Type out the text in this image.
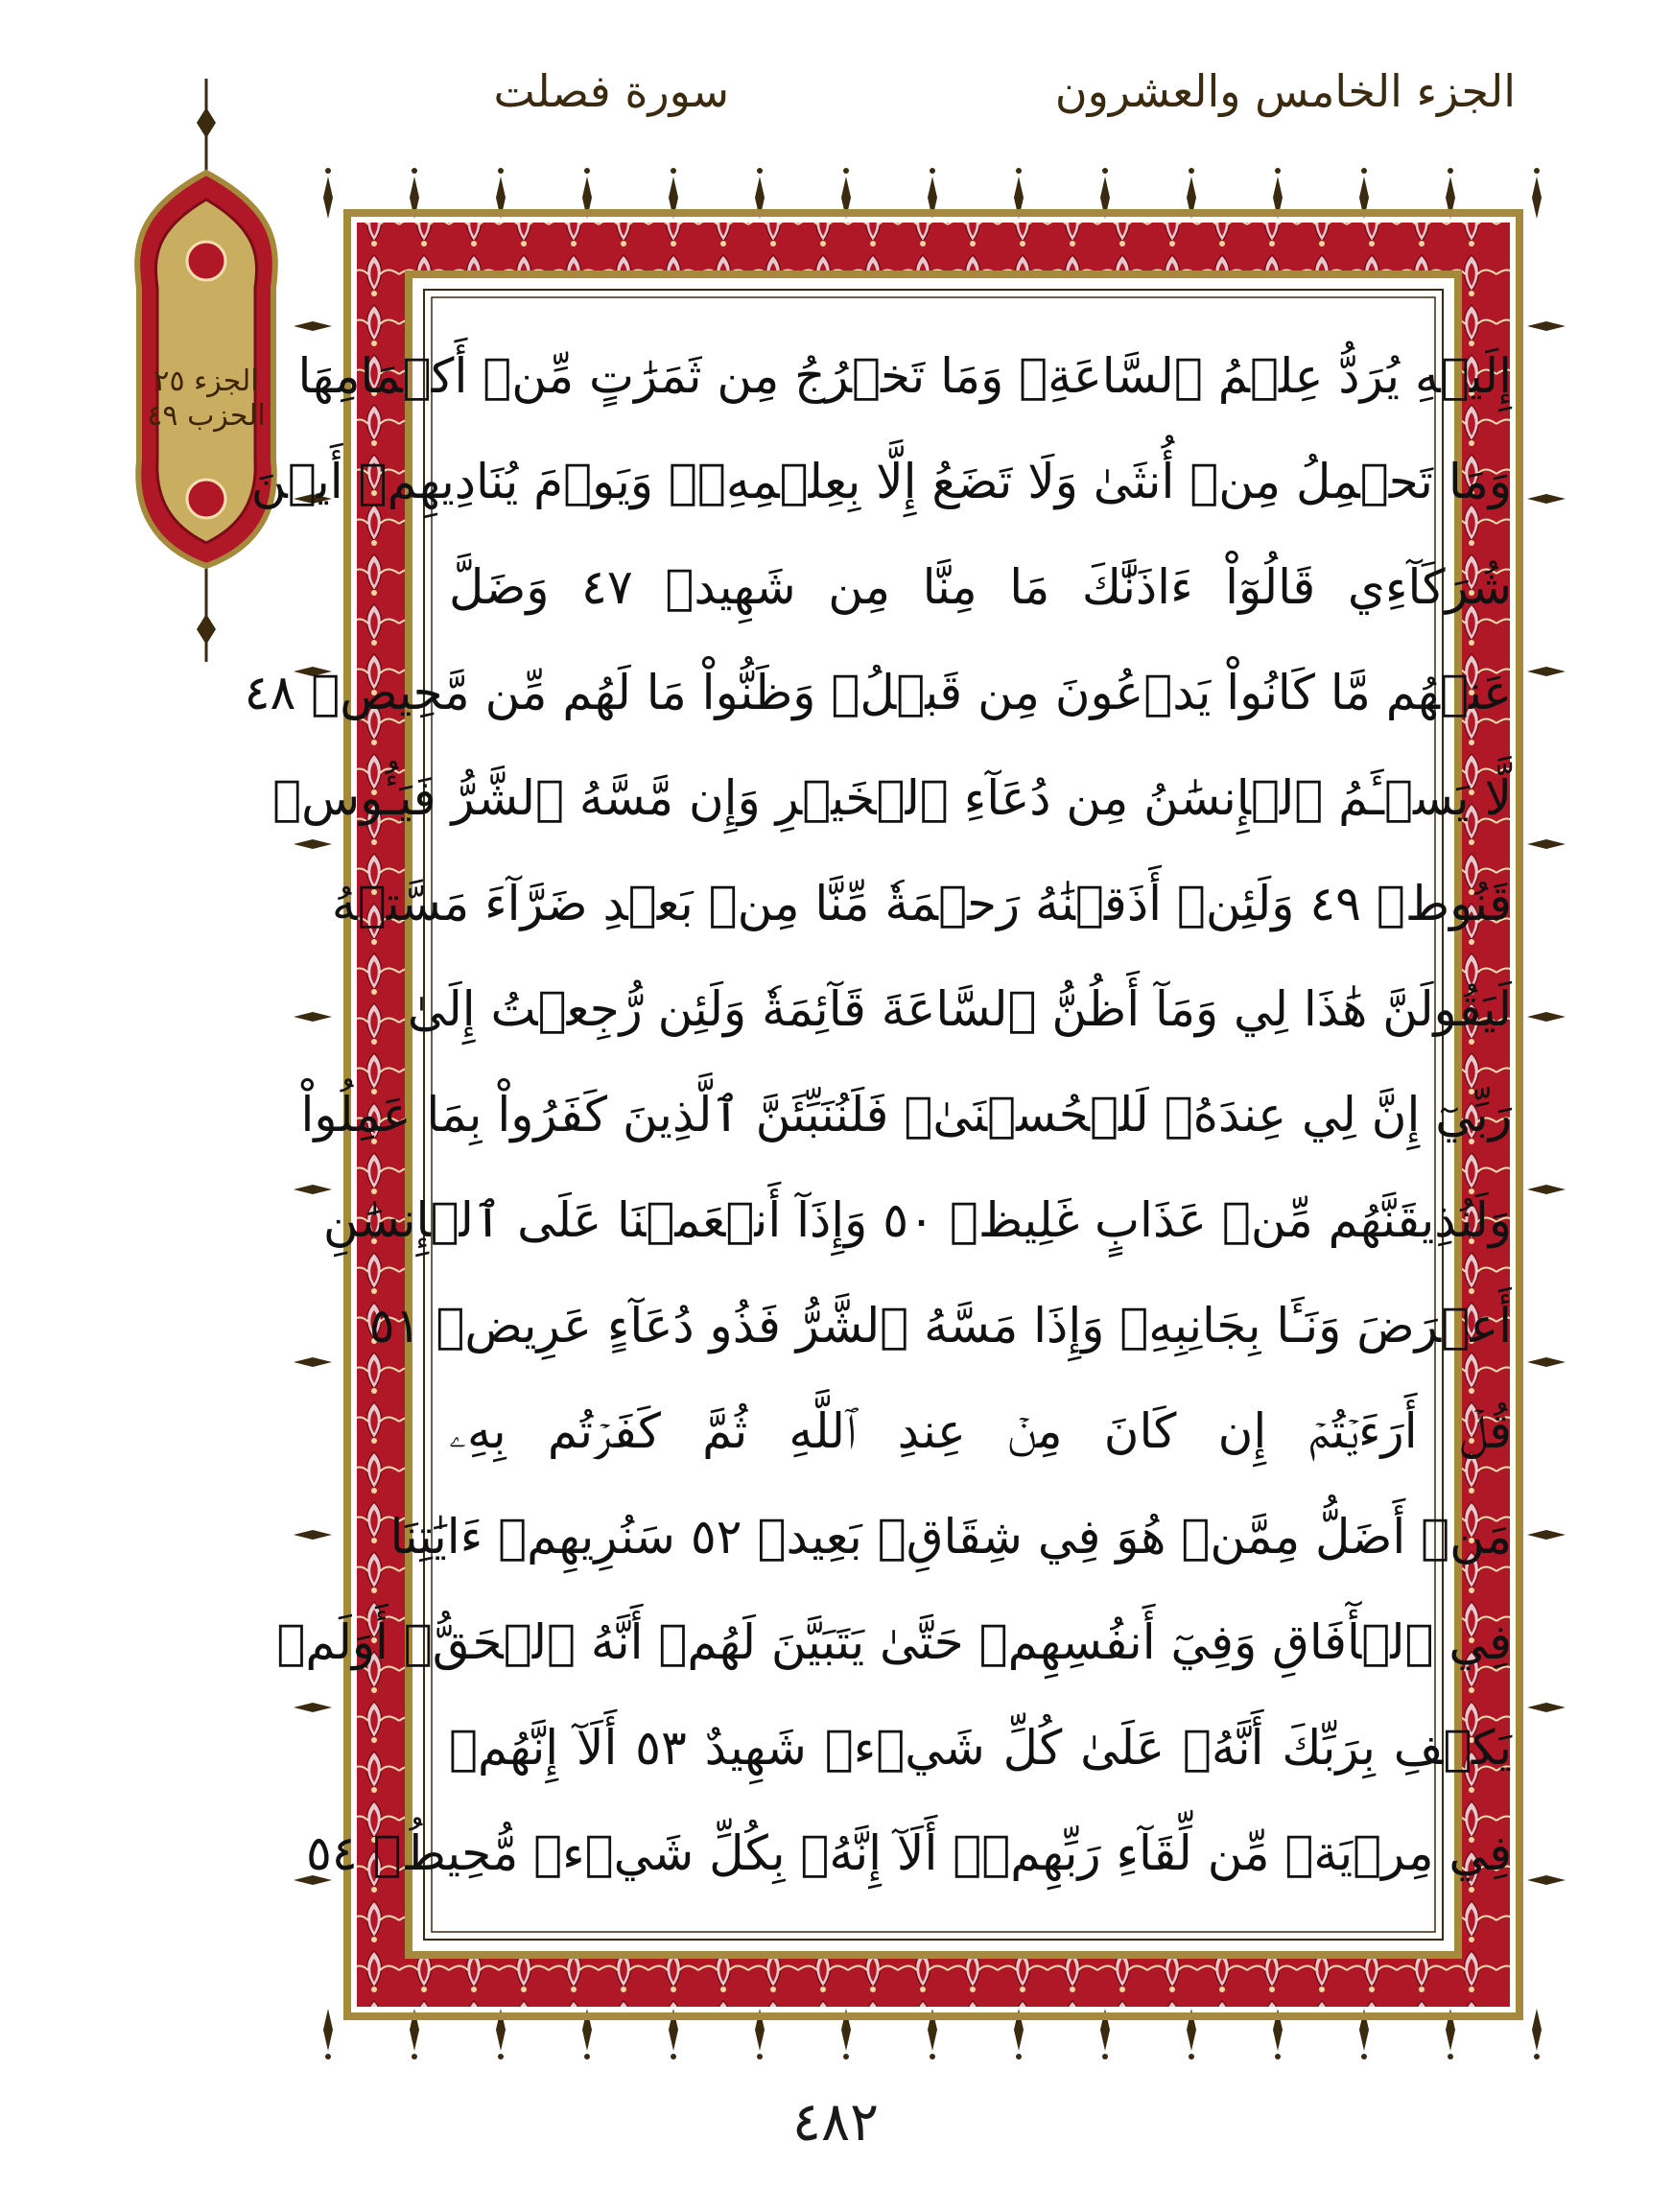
الجزء الخامس والعشرون
سورة فصلت
الجزء ٢٥
الحزب ٤٩
إِلَيۡهِ يُرَدُّ عِلۡمُ ٱلسَّاعَةِۚ وَمَا تَخۡرُجُ مِن ثَمَرَٰتٍ مِّنۡ أَكۡمَامِهَا
وَمَا تَحۡمِلُ مِنۡ أُنثَىٰ وَلَا تَضَعُ إِلَّا بِعِلۡمِهِۦۚ وَيَوۡمَ يُنَادِيهِمۡ أَيۡنَ
شُرَكَآءِي قَالُوٓاْ ءَاذَنَّٰكَ مَا مِنَّا مِن شَهِيدٖ ٤٧ وَضَلَّ
عَنۡهُم مَّا كَانُواْ يَدۡعُونَ مِن قَبۡلُۖ وَظَنُّواْ مَا لَهُم مِّن مَّحِيصٖ ٤٨
لَّا يَسۡـَٔمُ ٱلۡإِنسَٰنُ مِن دُعَآءِ ٱلۡخَيۡرِ وَإِن مَّسَّهُ ٱلشَّرُّ فَيَـُٔوسٞ
قَنُوطٞ ٤٩ وَلَئِنۡ أَذَقۡنَٰهُ رَحۡمَةٗ مِّنَّا مِنۢ بَعۡدِ ضَرَّآءَ مَسَّتۡهُ
لَيَقُولَنَّ هَٰذَا لِي وَمَآ أَظُنُّ ٱلسَّاعَةَ قَآئِمَةٗ وَلَئِن رُّجِعۡتُ إِلَىٰ
رَبِّيٓ إِنَّ لِي عِندَهُۥ لَلۡحُسۡنَىٰۚ فَلَنُنَبِّئَنَّ ٱلَّذِينَ كَفَرُواْ بِمَا عَمِلُواْ
وَلَنُذِيقَنَّهُم مِّنۡ عَذَابٍ غَلِيظٖ ٥٠ وَإِذَآ أَنۡعَمۡنَا عَلَى ٱلۡإِنسَٰنِ
أَعۡرَضَ وَنَـَٔا بِجَانِبِهِۦ وَإِذَا مَسَّهُ ٱلشَّرُّ فَذُو دُعَآءٍ عَرِيضٖ ٥١
قُلۡ أَرَءَيۡتُمۡ إِن كَانَ مِنۡ عِندِ ٱللَّهِ ثُمَّ كَفَرۡتُم بِهِۦ
مَنۡ أَضَلُّ مِمَّنۡ هُوَ فِي شِقَاقِۢ بَعِيدٖ ٥٢ سَنُرِيهِمۡ ءَايَٰتِنَا
فِي ٱلۡأٓفَاقِ وَفِيٓ أَنفُسِهِمۡ حَتَّىٰ يَتَبَيَّنَ لَهُمۡ أَنَّهُ ٱلۡحَقُّۗ أَوَلَمۡ
يَكۡفِ بِرَبِّكَ أَنَّهُۥ عَلَىٰ كُلِّ شَيۡءٖ شَهِيدٌ ٥٣ أَلَآ إِنَّهُمۡ
فِي مِرۡيَةٖ مِّن لِّقَآءِ رَبِّهِمۡۗ أَلَآ إِنَّهُۥ بِكُلِّ شَيۡءٖ مُّحِيطُۢ ٥٤
٤٨٢
